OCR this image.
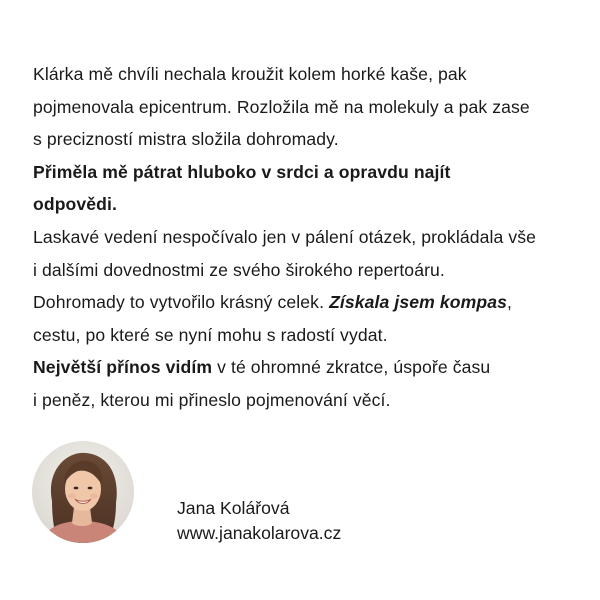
Klárka mě chvíli nechala kroužit kolem horké kaše, pak
pojmenovala epicentrum. Rozložila mě na molekuly a pak zase
s precizností mistra složila dohromady.
Přiměla mě pátrat hluboko v srdci a opravdu najít
odpovědi.
Laskavé vedení nespočívalo jen v pálení otázek, prokládala vše
i dalšími dovednostmi ze svého širokého repertoáru.
Dohromady to vytvořilo krásný celek. Získala jsem kompas,
cestu, po které se nyní mohu s radostí vydat.
Největší přínos vidím v té ohromné zkratce, úspoře času
i peněz, kterou mi přineslo pojmenování věcí.
Jana Kolářová
www.janakolarova.cz
